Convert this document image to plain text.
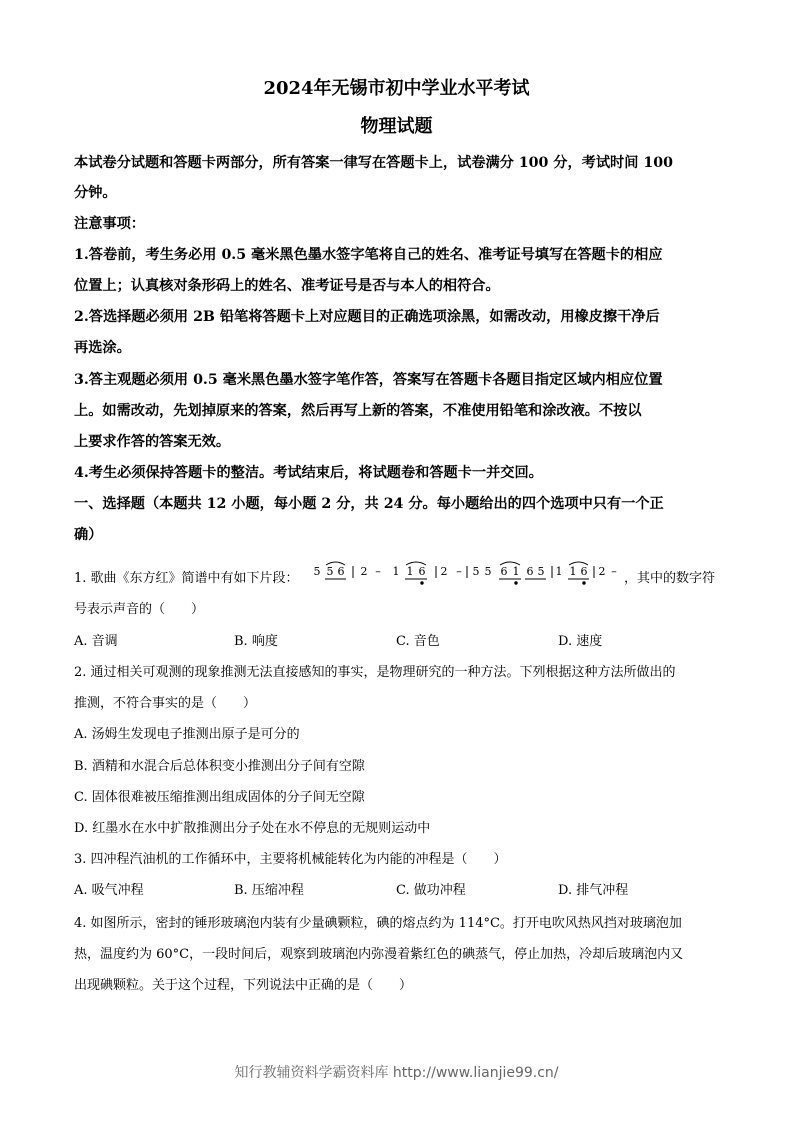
2024年无锡市初中学业水平考试
物理试题
本试卷分试题和答题卡两部分，所有答案一律写在答题卡上，试卷满分 100 分，考试时间 100
分钟。
注意事项：
1.答卷前，考生务必用 0.5 毫米黑色墨水签字笔将自己的姓名、准考证号填写在答题卡的相应
位置上；认真核对条形码上的姓名、准考证号是否与本人的相符合。
2.答选择题必须用 2B 铅笔将答题卡上对应题目的正确选项涂黑，如需改动，用橡皮擦干净后
再选涂。
3.答主观题必须用 0.5 毫米黑色墨水签字笔作答，答案写在答题卡各题目指定区域内相应位置
上。如需改动，先划掉原来的答案，然后再写上新的答案，不准使用铅笔和涂改液。不按以
上要求作答的答案无效。
4.考生必须保持答题卡的整洁。考试结束后，将试题卷和答题卡一并交回。
一、选择题（本题共 12 小题，每小题 2 分，共 24 分。每小题给出的四个选项中只有一个正
确）
1. 歌曲《东方红》简谱中有如下片段： 5 5 6 2 – 1 1 6 2 – 5 5 6 1 6 5 1 1 6 2 – ，其中的数字符
号表示声音的（　　）
A. 音调	B. 响度	C. 音色	D. 速度
2. 通过相关可观测的现象推测无法直接感知的事实，是物理研究的一种方法。下列根据这种方法所做出的
推测，不符合事实的是（　　）
A. 汤姆生发现电子推测出原子是可分的
B. 酒精和水混合后总体积变小推测出分子间有空隙
C. 固体很难被压缩推测出组成固体的分子间无空隙
D. 红墨水在水中扩散推测出分子处在水不停息的无规则运动中
3. 四冲程汽油机的工作循环中，主要将机械能转化为内能的冲程是（　　）
A. 吸气冲程	B. 压缩冲程	C. 做功冲程	D. 排气冲程
4. 如图所示，密封的锤形玻璃泡内装有少量碘颗粒，碘的熔点约为 114°C。打开电吹风热风挡对玻璃泡加
热，温度约为 60°C，一段时间后，观察到玻璃泡内弥漫着紫红色的碘蒸气，停止加热，冷却后玻璃泡内又
出现碘颗粒。关于这个过程，下列说法中正确的是（　　）
知行教辅资料学霸资料库 http://www.lianjie99.cn/
